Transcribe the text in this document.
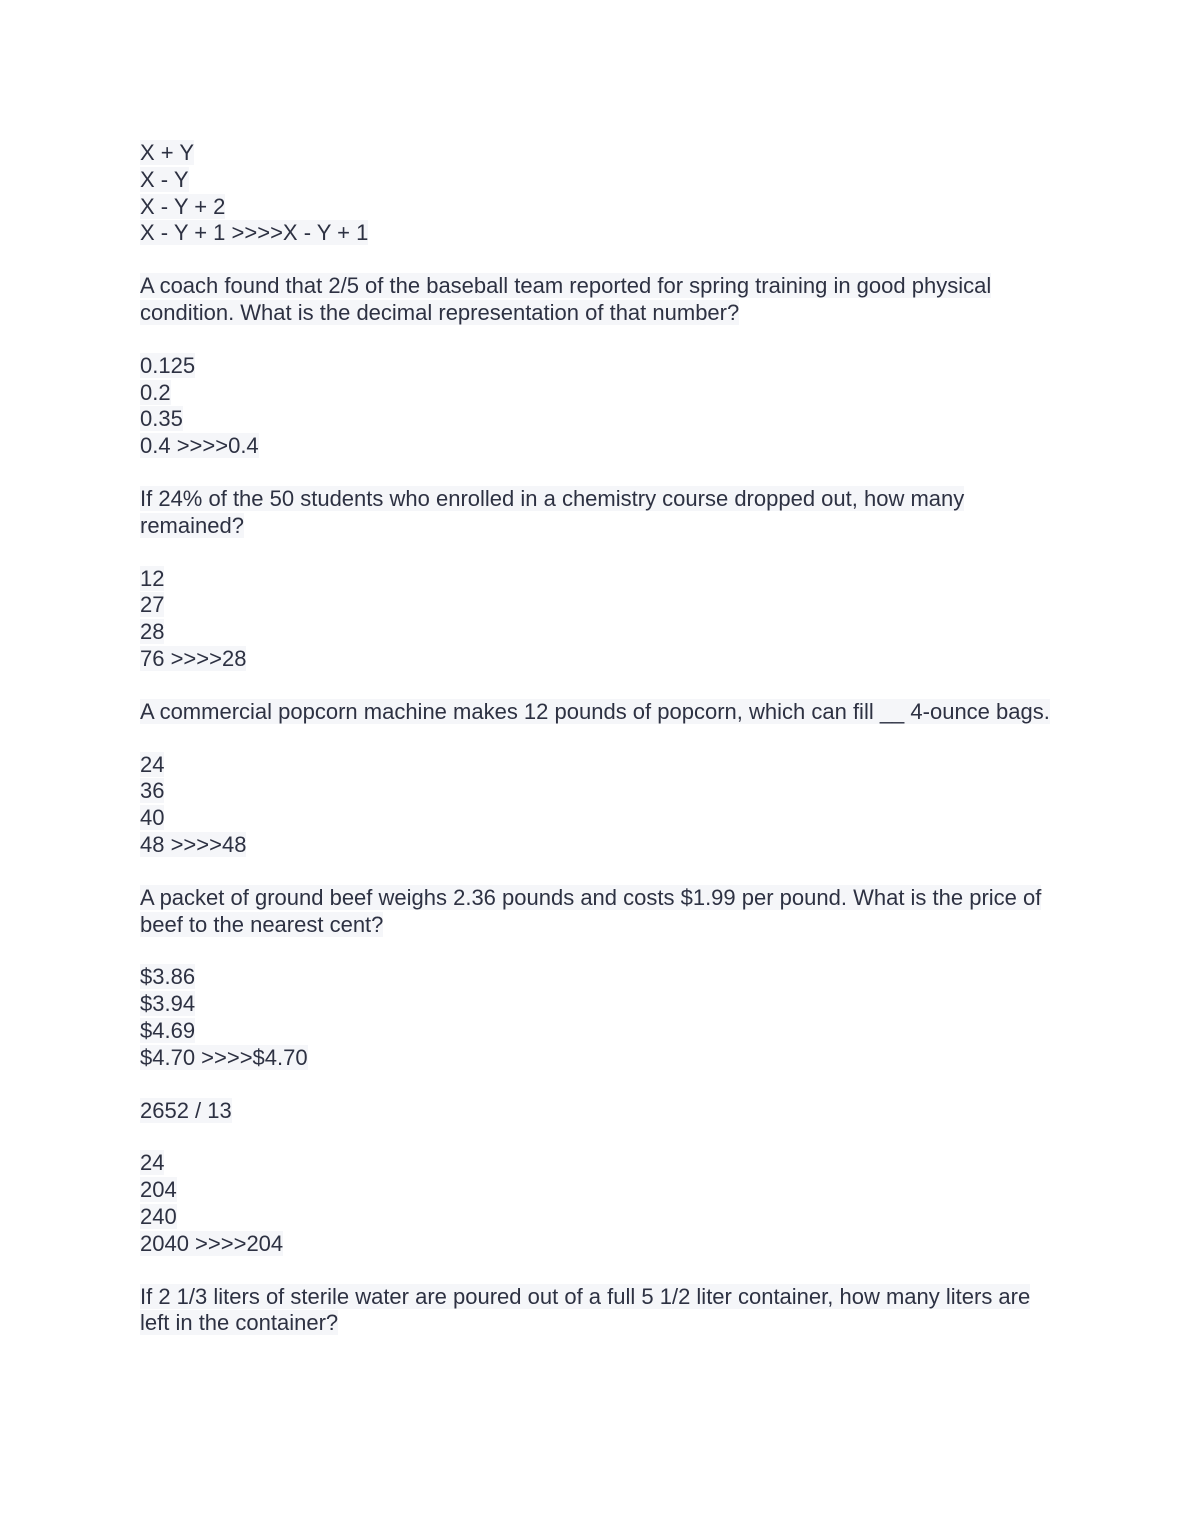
X + Y
X - Y
X - Y + 2
X - Y + 1 >>>>X - Y + 1
A coach found that 2/5 of the baseball team reported for spring training in good physical condition. What is the decimal representation of that number?
0.125
0.2
0.35
0.4 >>>>0.4
If 24% of the 50 students who enrolled in a chemistry course dropped out, how many remained?
12
27
28
76 >>>>28
A commercial popcorn machine makes 12 pounds of popcorn, which can fill __ 4-ounce bags.
24
36
40
48 >>>>48
A packet of ground beef weighs 2.36 pounds and costs $1.99 per pound. What is the price of beef to the nearest cent?
$3.86
$3.94
$4.69
$4.70 >>>>$4.70
2652 / 13
24
204
240
2040 >>>>204
If 2 1/3 liters of sterile water are poured out of a full 5 1/2 liter container, how many liters are left in the container?
